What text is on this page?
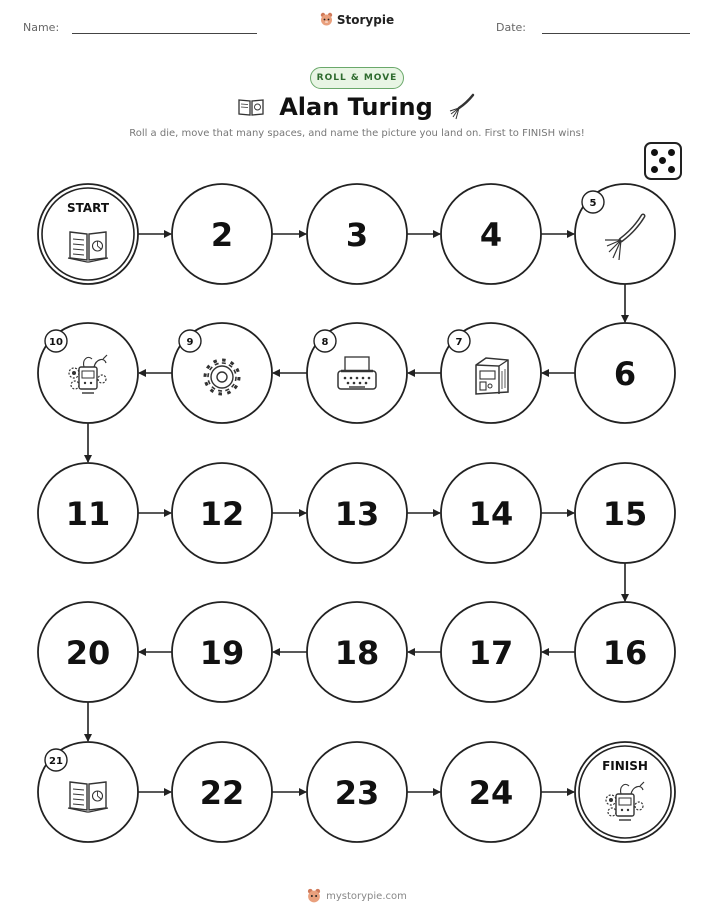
Name:	Date:
Storypie
ROLL & MOVE
Alan Turing
Roll a die, move that many spaces, and name the picture you land on. First to FINISH wins!
START
2	3	4
5
6
7
8
9
10
11	12	13	14	15
16
17
18
19
20
21
22	23	24
FINISH
mystorypie.com
